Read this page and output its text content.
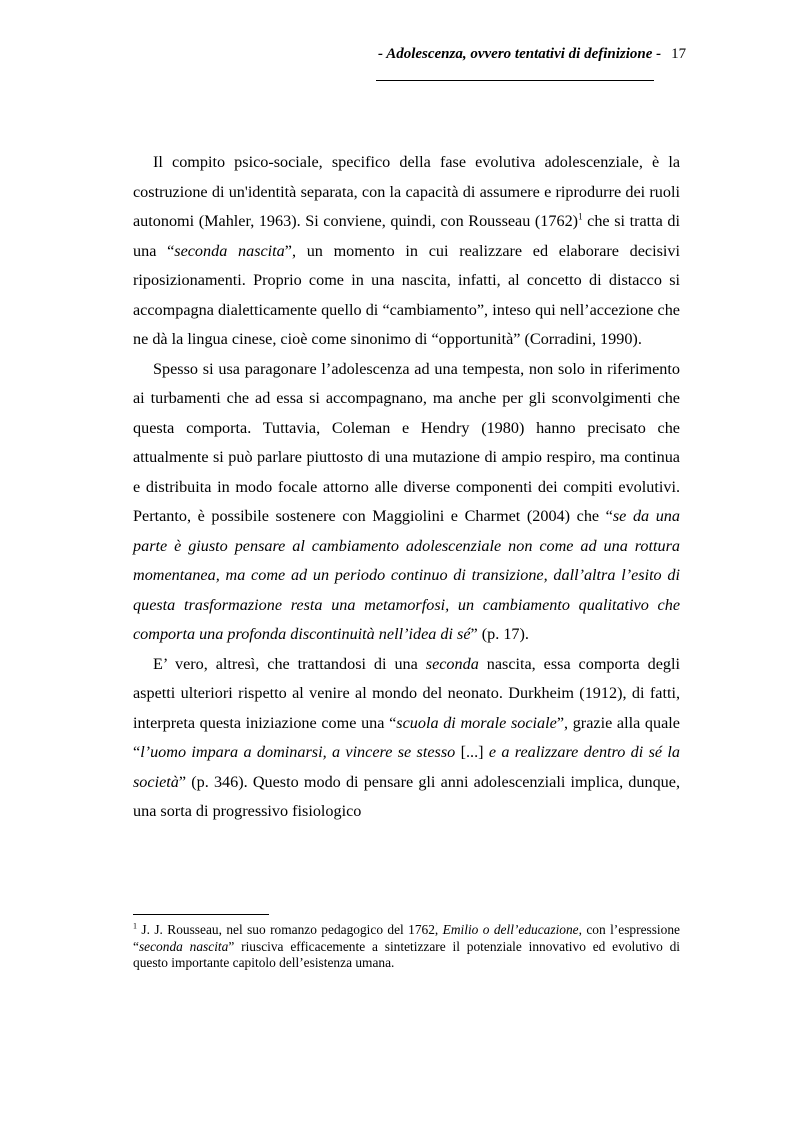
- Adolescenza, ovvero tentativi di definizione - 17

Il compito psico-sociale, specifico della fase evolutiva adolescenziale, è la costruzione di un'identità separata, con la capacità di assumere e riprodurre dei ruoli autonomi (Mahler, 1963). Si conviene, quindi, con Rousseau (1762)$^1$ che si tratta di una “seconda nascita”, un momento in cui realizzare ed elaborare decisivi riposizionamenti. Proprio come in una nascita, infatti, al concetto di distacco si accompagna dialetticamente quello di “cambiamento”, inteso qui nell’accezione che ne dà la lingua cinese, cioè come sinonimo di “opportunità” (Corradini, 1990).

Spesso si usa paragonare l’adolescenza ad una tempesta, non solo in riferimento ai turbamenti che ad essa si accompagnano, ma anche per gli sconvolgimenti che questa comporta. Tuttavia, Coleman e Hendry (1980) hanno precisato che attualmente si può parlare piuttosto di una mutazione di ampio respiro, ma continua e distribuita in modo focale attorno alle diverse componenti dei compiti evolutivi. Pertanto, è possibile sostenere con Maggiolini e Charmet (2004) che “se da una parte è giusto pensare al cambiamento adolescenziale non come ad una rottura momentanea, ma come ad un periodo continuo di transizione, dall’altra l’esito di questa trasformazione resta una metamorfosi, un cambiamento qualitativo che comporta una profonda discontinuità nell’idea di sé” (p. 17).

E’ vero, altresì, che trattandosi di una seconda nascita, essa comporta degli aspetti ulteriori rispetto al venire al mondo del neonato. Durkheim (1912), di fatti, interpreta questa iniziazione come una “scuola di morale sociale”, grazie alla quale “l’uomo impara a dominarsi, a vincere se stesso [...] e a realizzare dentro di sé la società” (p. 346). Questo modo di pensare gli anni adolescenziali implica, dunque, una sorta di progressivo fisiologico

$^1$ J. J. Rousseau, nel suo romanzo pedagogico del 1762, Emilio o dell’educazione, con l’espressione “seconda nascita” riusciva efficacemente a sintetizzare il potenziale innovativo ed evolutivo di questo importante capitolo dell’esistenza umana.
